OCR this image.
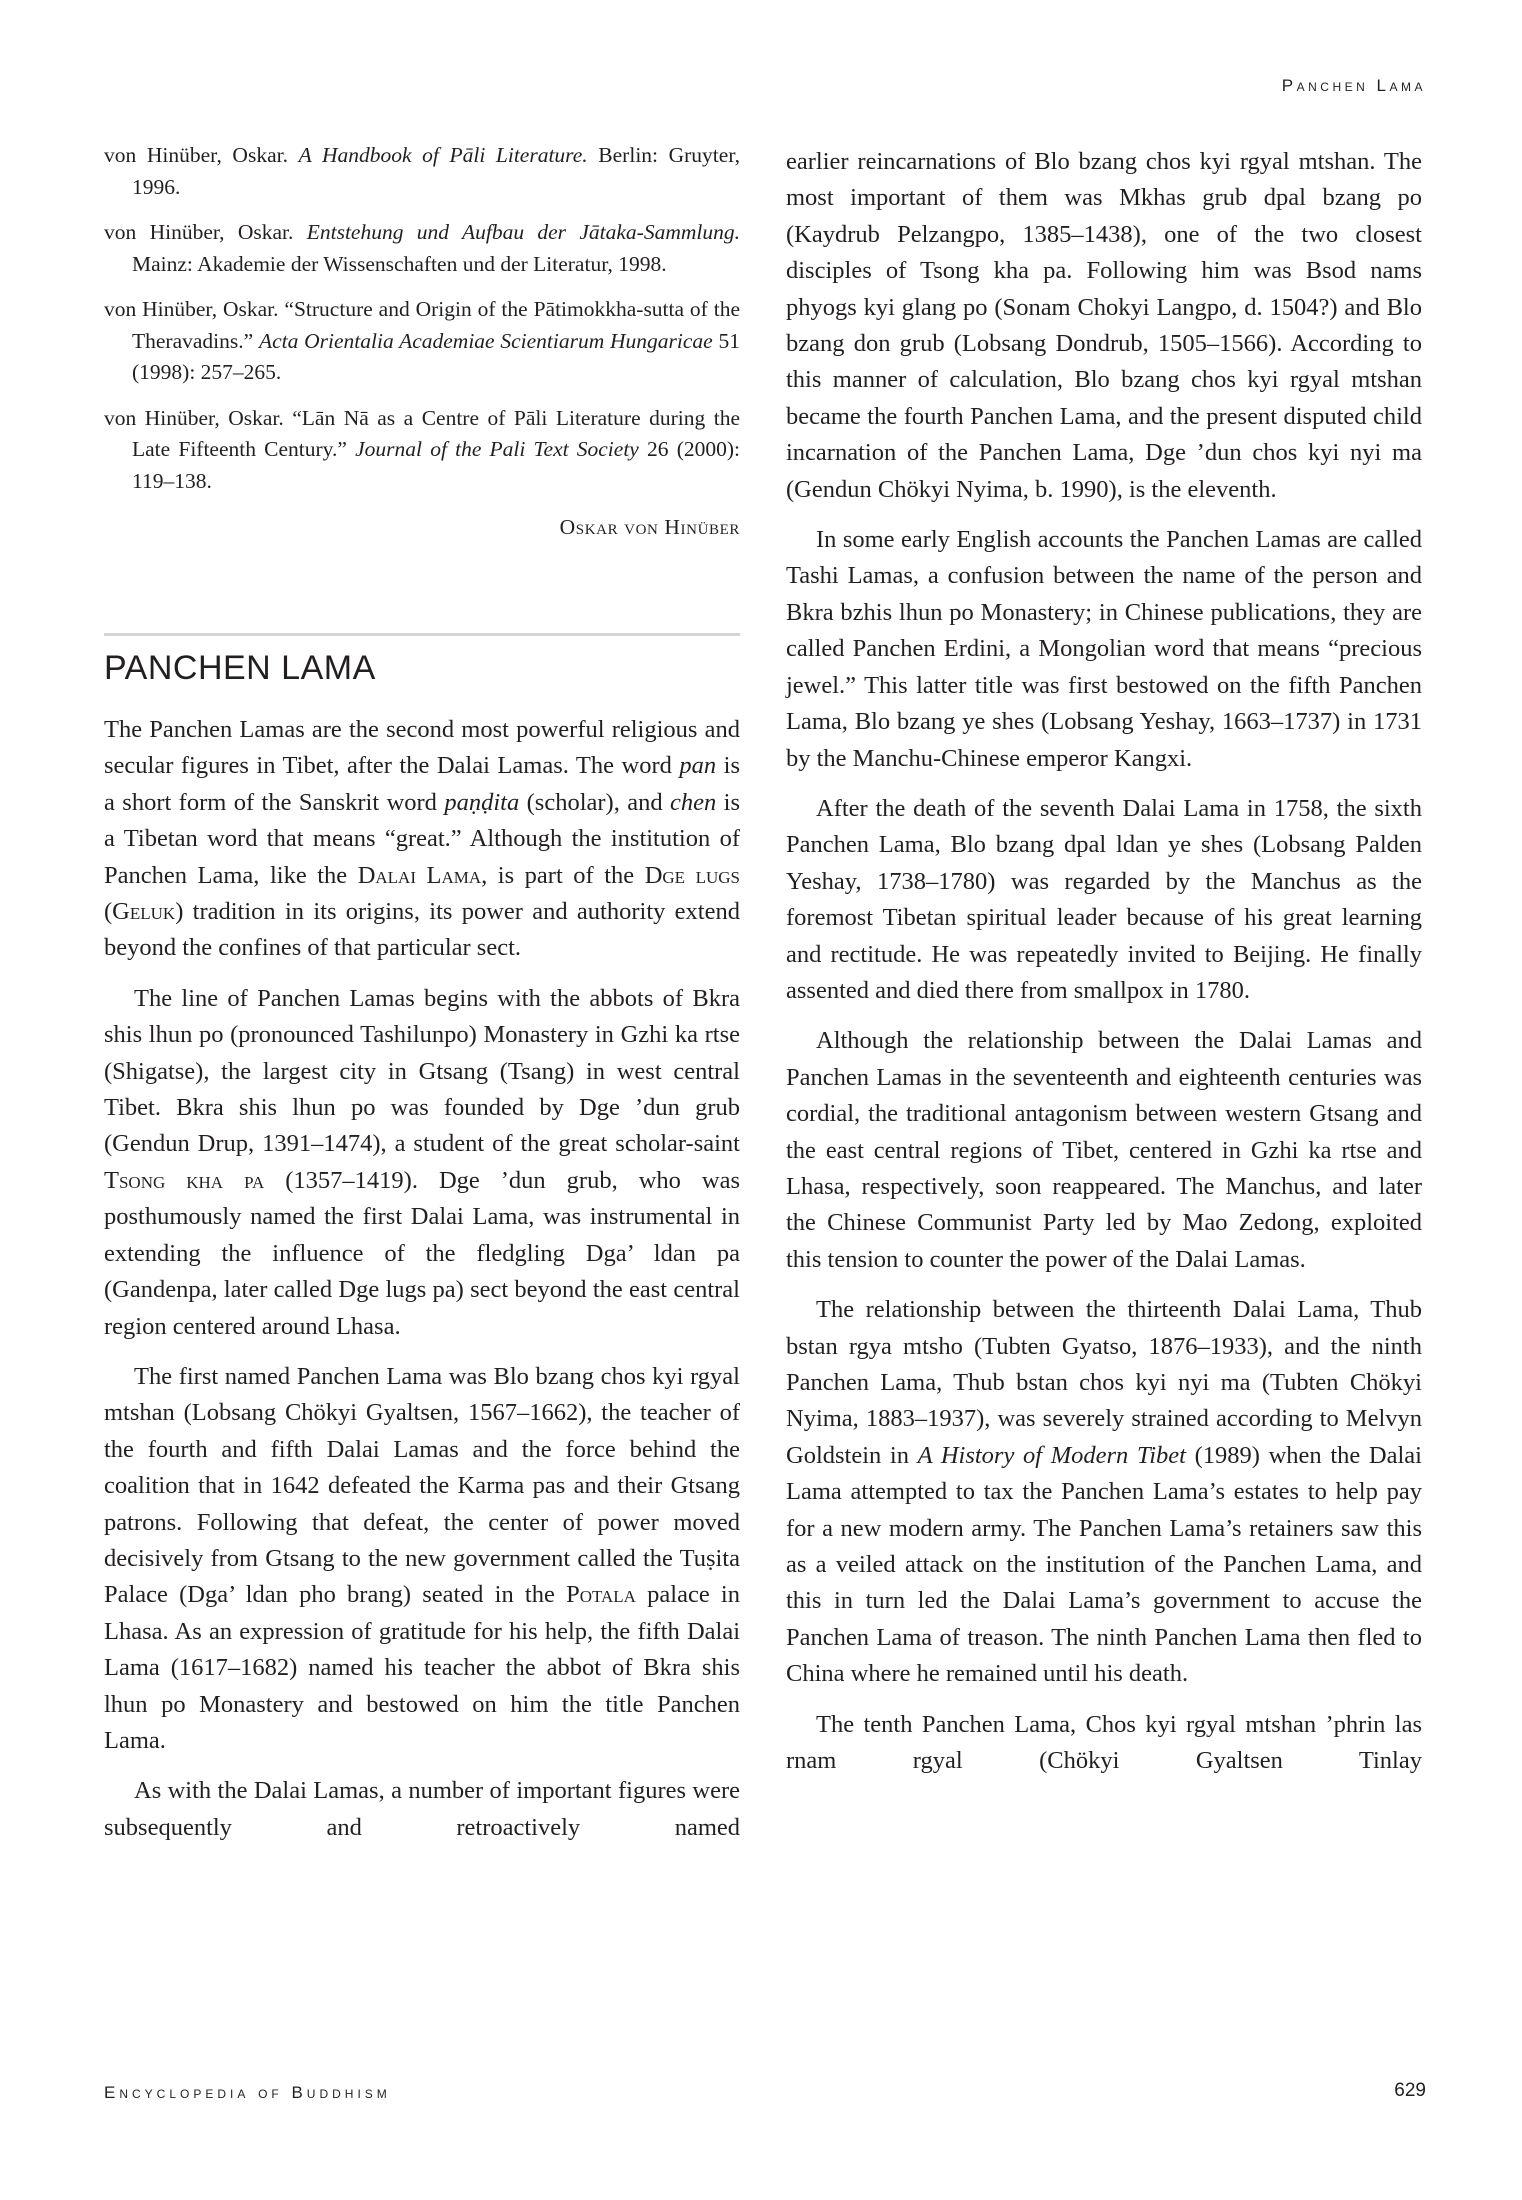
Panchen Lama

von Hinüber, Oskar. A Handbook of Pāli Literature. Berlin: Gruyter, 1996.

von Hinüber, Oskar. Entstehung und Aufbau der Jātaka-Sammlung. Mainz: Akademie der Wissenschaften und der Literatur, 1998.

von Hinüber, Oskar. “Structure and Origin of the Pātimokkha-sutta of the Theravadins.” Acta Orientalia Academiae Scientiarum Hungaricae 51 (1998): 257–265.

von Hinüber, Oskar. “Lān Nā as a Centre of Pāli Literature during the Late Fifteenth Century.” Journal of the Pali Text Society 26 (2000): 119–138.

Oskar von Hinüber
PANCHEN LAMA

The Panchen Lamas are the second most powerful religious and secular figures in Tibet, after the Dalai Lamas. The word pan is a short form of the Sanskrit word paṇḍita (scholar), and chen is a Tibetan word that means “great.” Although the institution of Panchen Lama, like the Dalai Lama, is part of the Dge lugs (Geluk) tradition in its origins, its power and authority extend beyond the confines of that particular sect.

The line of Panchen Lamas begins with the abbots of Bkra shis lhun po (pronounced Tashilunpo) Monastery in Gzhi ka rtse (Shigatse), the largest city in Gtsang (Tsang) in west central Tibet. Bkra shis lhun po was founded by Dge ’dun grub (Gendun Drup, 1391–1474), a student of the great scholar-saint Tsong kha pa (1357–1419). Dge ’dun grub, who was posthumously named the first Dalai Lama, was instrumental in extending the influence of the fledgling Dga’ ldan pa (Gandenpa, later called Dge lugs pa) sect beyond the east central region centered around Lhasa.

The first named Panchen Lama was Blo bzang chos kyi rgyal mtshan (Lobsang Chökyi Gyaltsen, 1567–1662), the teacher of the fourth and fifth Dalai Lamas and the force behind the coalition that in 1642 defeated the Karma pas and their Gtsang patrons. Following that defeat, the center of power moved decisively from Gtsang to the new government called the Tuṣita Palace (Dga’ ldan pho brang) seated in the Potala palace in Lhasa. As an expression of gratitude for his help, the fifth Dalai Lama (1617–1682) named his teacher the abbot of Bkra shis lhun po Monastery and bestowed on him the title Panchen Lama.

As with the Dalai Lamas, a number of important figures were subsequently and retroactively named

earlier reincarnations of Blo bzang chos kyi rgyal mtshan. The most important of them was Mkhas grub dpal bzang po (Kaydrub Pelzangpo, 1385–1438), one of the two closest disciples of Tsong kha pa. Following him was Bsod nams phyogs kyi glang po (Sonam Chokyi Langpo, d. 1504?) and Blo bzang don grub (Lobsang Dondrub, 1505–1566). According to this manner of calculation, Blo bzang chos kyi rgyal mtshan became the fourth Panchen Lama, and the present disputed child incarnation of the Panchen Lama, Dge ’dun chos kyi nyi ma (Gendun Chökyi Nyima, b. 1990), is the eleventh.

In some early English accounts the Panchen Lamas are called Tashi Lamas, a confusion between the name of the person and Bkra bzhis lhun po Monastery; in Chinese publications, they are called Panchen Erdini, a Mongolian word that means “precious jewel.” This latter title was first bestowed on the fifth Panchen Lama, Blo bzang ye shes (Lobsang Yeshay, 1663–1737) in 1731 by the Manchu-Chinese emperor Kangxi.

After the death of the seventh Dalai Lama in 1758, the sixth Panchen Lama, Blo bzang dpal ldan ye shes (Lobsang Palden Yeshay, 1738–1780) was regarded by the Manchus as the foremost Tibetan spiritual leader because of his great learning and rectitude. He was repeatedly invited to Beijing. He finally assented and died there from smallpox in 1780.

Although the relationship between the Dalai Lamas and Panchen Lamas in the seventeenth and eighteenth centuries was cordial, the traditional antagonism between western Gtsang and the east central regions of Tibet, centered in Gzhi ka rtse and Lhasa, respectively, soon reappeared. The Manchus, and later the Chinese Communist Party led by Mao Zedong, exploited this tension to counter the power of the Dalai Lamas.

The relationship between the thirteenth Dalai Lama, Thub bstan rgya mtsho (Tubten Gyatso, 1876–1933), and the ninth Panchen Lama, Thub bstan chos kyi nyi ma (Tubten Chökyi Nyima, 1883–1937), was severely strained according to Melvyn Goldstein in A History of Modern Tibet (1989) when the Dalai Lama attempted to tax the Panchen Lama’s estates to help pay for a new modern army. The Panchen Lama’s retainers saw this as a veiled attack on the institution of the Panchen Lama, and this in turn led the Dalai Lama’s government to accuse the Panchen Lama of treason. The ninth Panchen Lama then fled to China where he remained until his death.

The tenth Panchen Lama, Chos kyi rgyal mtshan ’phrin las rnam rgyal (Chökyi Gyaltsen Tinlay

Encyclopedia of Buddhism	629
